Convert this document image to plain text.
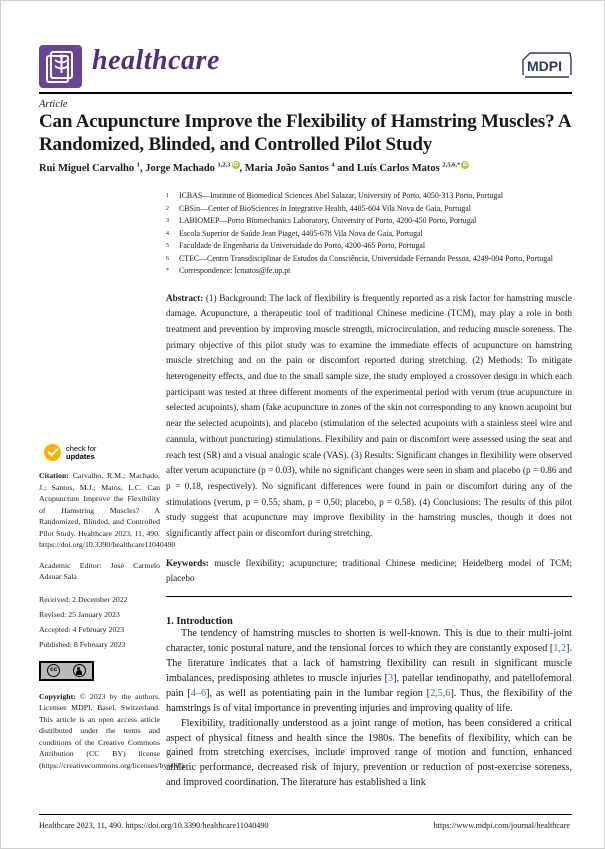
healthcare	MDPI
Article
Can Acupuncture Improve the Flexibility of Hamstring Muscles? A Randomized, Blinded, and Controlled Pilot Study
Rui Miguel Carvalho $^1$, Jorge Machado $^{1,2,3}$ iD , Maria João Santos $^4$ and Luís Carlos Matos $^{2,5,6,*}$ iD
1	ICBAS—Institute of Biomedical Sciences Abel Salazar, University of Porto, 4050-313 Porto, Portugal
2	CBSin—Center of BioSciences in Integrative Health, 4405-604 Vila Nova de Gaia, Portugal
3	LABIOMEP—Porto Biomechanics Laboratory, University of Porto, 4200-450 Porto, Portugal
4	Escola Superior de Saúde Jean Piaget, 4405-678 Vila Nova de Gaia, Portugal
5	Faculdade de Engenharia da Universidade do Porto, 4200-465 Porto, Portugal
6	CTEC—Centro Transdisciplinar de Estudos da Consciência, Universidade Fernando Pessoa, 4249-004 Porto, Portugal
*	Correspondence: lcmatos@fe.up.pt
Abstract: (1) Background: The lack of flexibility is frequently reported as a risk factor for hamstring muscle damage. Acupuncture, a therapeutic tool of traditional Chinese medicine (TCM), may play a role in both treatment and prevention by improving muscle strength, microcirculation, and reducing muscle soreness. The primary objective of this pilot study was to examine the immediate effects of acupuncture on hamstring muscle stretching and on the pain or discomfort reported during stretching. (2) Methods: To mitigate heterogeneity effects, and due to the small sample size, the study employed a crossover design in which each participant was tested at three different moments of the experimental period with verum (true acupuncture in selected acupoints), sham (fake acupuncture in zones of the skin not corresponding to any known acupoint but near the selected acupoints), and placebo (stimulation of the selected acupoints with a stainless steel wire and cannula, without puncturing) stimulations. Flexibility and pain or discomfort were assessed using the seat and reach test (SR) and a visual analogic scale (VAS). (3) Results: Significant changes in flexibility were observed after verum acupuncture (p = 0.03), while no significant changes were seen in sham and placebo (p = 0.86 and p = 0.18, respectively). No significant differences were found in pain or discomfort during any of the stimulations (verum, p = 0.55; sham, p = 0.50; placebo, p = 0.58). (4) Conclusions: The results of this pilot study suggest that acupuncture may improve flexibility in the hamstring muscles, though it does not significantly affect pain or discomfort during stretching.
Keywords: muscle flexibility; acupuncture; traditional Chinese medicine; Heidelberg model of TCM; placebo
1. Introduction

The tendency of hamstring muscles to shorten is well-known. This is due to their multi-joint character, tonic postural nature, and the tensional forces to which they are constantly exposed [1,2]. The literature indicates that a lack of hamstring flexibility can result in significant muscle imbalances, predisposing athletes to muscle injuries [3], patellar tendinopathy, and patellofemoral pain [4–6], as well as potentiating pain in the lumbar region [2,5,6]. Thus, the flexibility of the hamstrings is of vital importance in preventing injuries and improving quality of life.

Flexibility, traditionally understood as a joint range of motion, has been considered a critical aspect of physical fitness and health since the 1980s. The benefits of flexibility, which can be gained from stretching exercises, include improved range of motion and function, enhanced athletic performance, decreased risk of injury, prevention or reduction of post-exercise soreness, and improved coordination. The literature has established a link

check for
updates
Citation: Carvalho, R.M.; Machado, J.; Santos, M.J.; Matos, L.C. Can Acupuncture Improve the Flexibility of Hamstring Muscles? A Randomized, Blinded, and Controlled Pilot Study. Healthcare 2023, 11, 490. https://doi.org/10.3390/healthcare11040490
Academic Editor: José Carmelo Adsuar Sala
Received: 2 December 2022
Revised: 25 January 2023
Accepted: 4 February 2023
Published: 8 February 2023
cc
Copyright: © 2023 by the authors. Licensee MDPI, Basel, Switzerland. This article is an open access article distributed under the terms and conditions of the Creative Commons Attribution (CC BY) license (https://creativecommons.org/licenses/by/4.0/).
Healthcare 2023, 11, 490. https://doi.org/10.3390/healthcare11040490	https://www.mdpi.com/journal/healthcare
